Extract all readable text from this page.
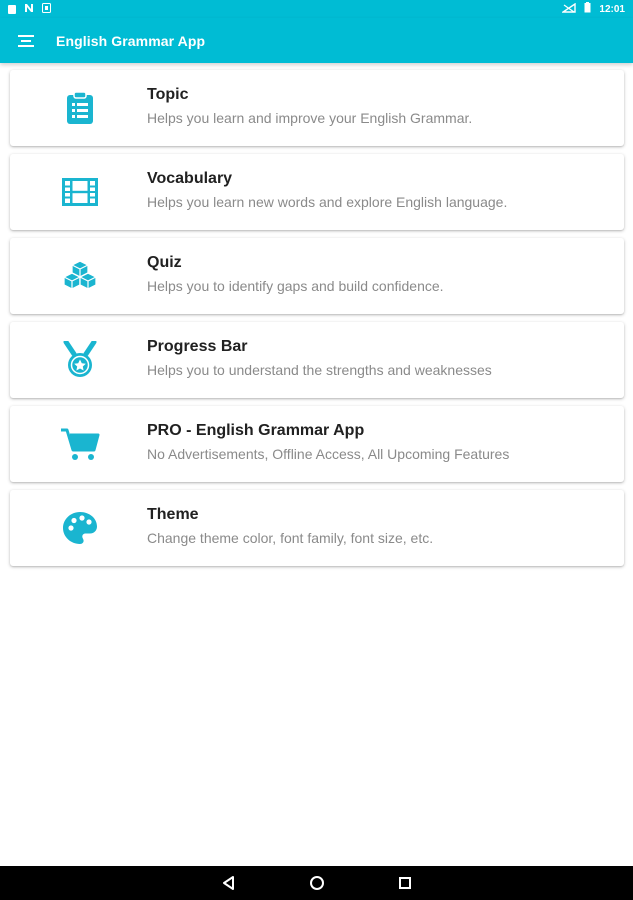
12:01
English Grammar App
Topic
Helps you learn and improve your English Grammar.
Vocabulary
Helps you learn new words and explore English language.
Quiz
Helps you to identify gaps and build confidence.
Progress Bar
Helps you to understand the strengths and weaknesses
PRO - English Grammar App
No Advertisements, Offline Access, All Upcoming Features
Theme
Change theme color, font family, font size, etc.
